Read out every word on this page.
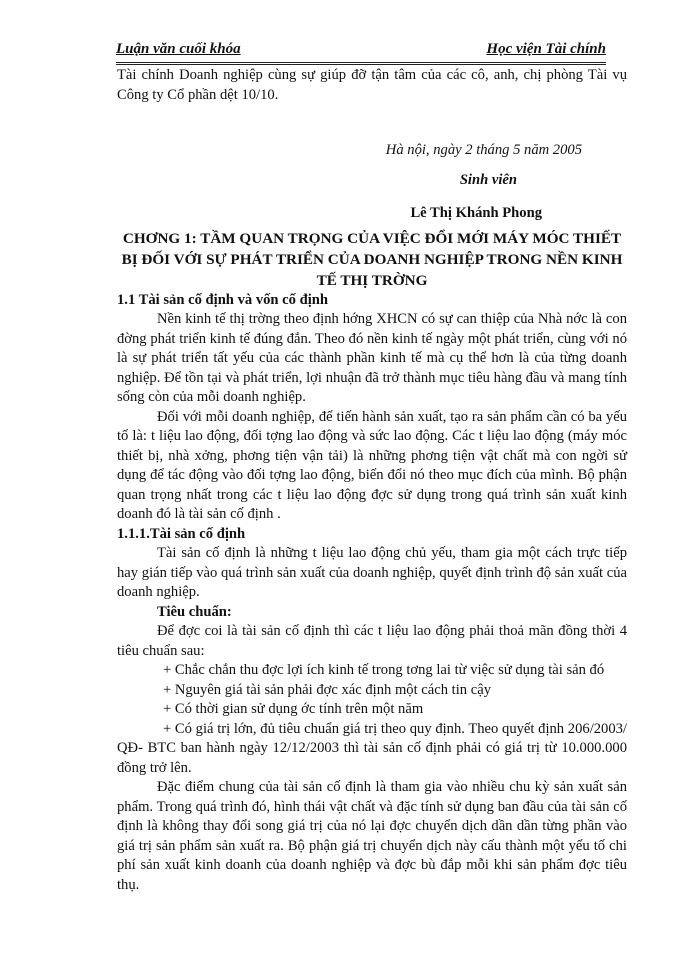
Luận văn cuối khóa	Học viện Tài chính

Tài chính Doanh nghiệp cùng sự giúp đỡ tận tâm của các cô, anh, chị phòng Tài vụ Công ty Cổ phần dệt 10/10.

Hà nội, ngày 2 tháng 5 năm 2005

Sinh viên

Lê Thị Khánh Phong

CHƠNG 1: TẦM QUAN TRỌNG CỦA VIỆC ĐỔI MỚI MÁY MÓC THIẾT BỊ ĐỐI VỚI SỰ PHÁT TRIỂN CỦA DOANH NGHIỆP TRONG NỀN KINH TẾ THỊ TRỜNG

1.1 Tài sản cố định và vốn cố định

Nền kinh tế thị trờng theo định hớng XHCN có sự can thiệp của Nhà nớc là con đờng phát triển kinh tế đúng đắn. Theo đó nền kinh tế ngày một phát triển, cùng với nó là sự phát triển tất yếu của các thành phần kinh tế mà cụ thể hơn là của từng doanh nghiệp. Để tồn tại và phát triển, lợi nhuận đã trở thành mục tiêu hàng đầu và mang tính sống còn của mỗi doanh nghiệp.

Đối với mỗi doanh nghiệp, để tiến hành sản xuất, tạo ra sản phẩm cần có ba yếu tố là: t liệu lao động, đối tợng lao động và sức lao động. Các t liệu lao động (máy móc thiết bị, nhà xởng, phơng tiện vận tải) là những phơng tiện vật chất mà con ngời sử dụng để tác động vào đối tợng lao động, biến đổi nó theo mục đích của mình. Bộ phận quan trọng nhất trong các t liệu lao động đợc sử dụng trong quá trình sản xuất kinh doanh đó là tài sản cố định .

1.1.1.Tài sản cố định

Tài sản cố định là những t liệu lao động chủ yếu, tham gia một cách trực tiếp hay gián tiếp vào quá trình sản xuất của doanh nghiệp, quyết định trình độ sản xuất của doanh nghiệp.

Tiêu chuẩn:

Để đợc coi là tài sản cố định thì các t liệu lao động phải thoả mãn đồng thời 4 tiêu chuẩn sau:

+ Chắc chắn thu đợc lợi ích kinh tế trong tơng lai từ việc sử dụng tài sản đó

+ Nguyên giá tài sản phải đợc xác định một cách tin cậy

+ Có thời gian sử dụng ớc tính trên một năm

+ Có giá trị lớn, đủ tiêu chuẩn giá trị theo quy định. Theo quyết định 206/2003/ QĐ- BTC ban hành ngày 12/12/2003 thì tài sản cố định phải có giá trị từ 10.000.000 đồng trở lên.

Đặc điểm chung của tài sản cố định là tham gia vào nhiều chu kỳ sản xuất sản phẩm. Trong quá trình đó, hình thái vật chất và đặc tính sử dụng ban đầu của tài sản cố định là không thay đổi song giá trị của nó lại đợc chuyển dịch dần dần từng phần vào giá trị sản phẩm sản xuất ra. Bộ phận giá trị chuyển dịch này cấu thành một yếu tố chi phí sản xuất kinh doanh của doanh nghiệp và đợc bù đắp mỗi khi sản phẩm đợc tiêu thụ.
